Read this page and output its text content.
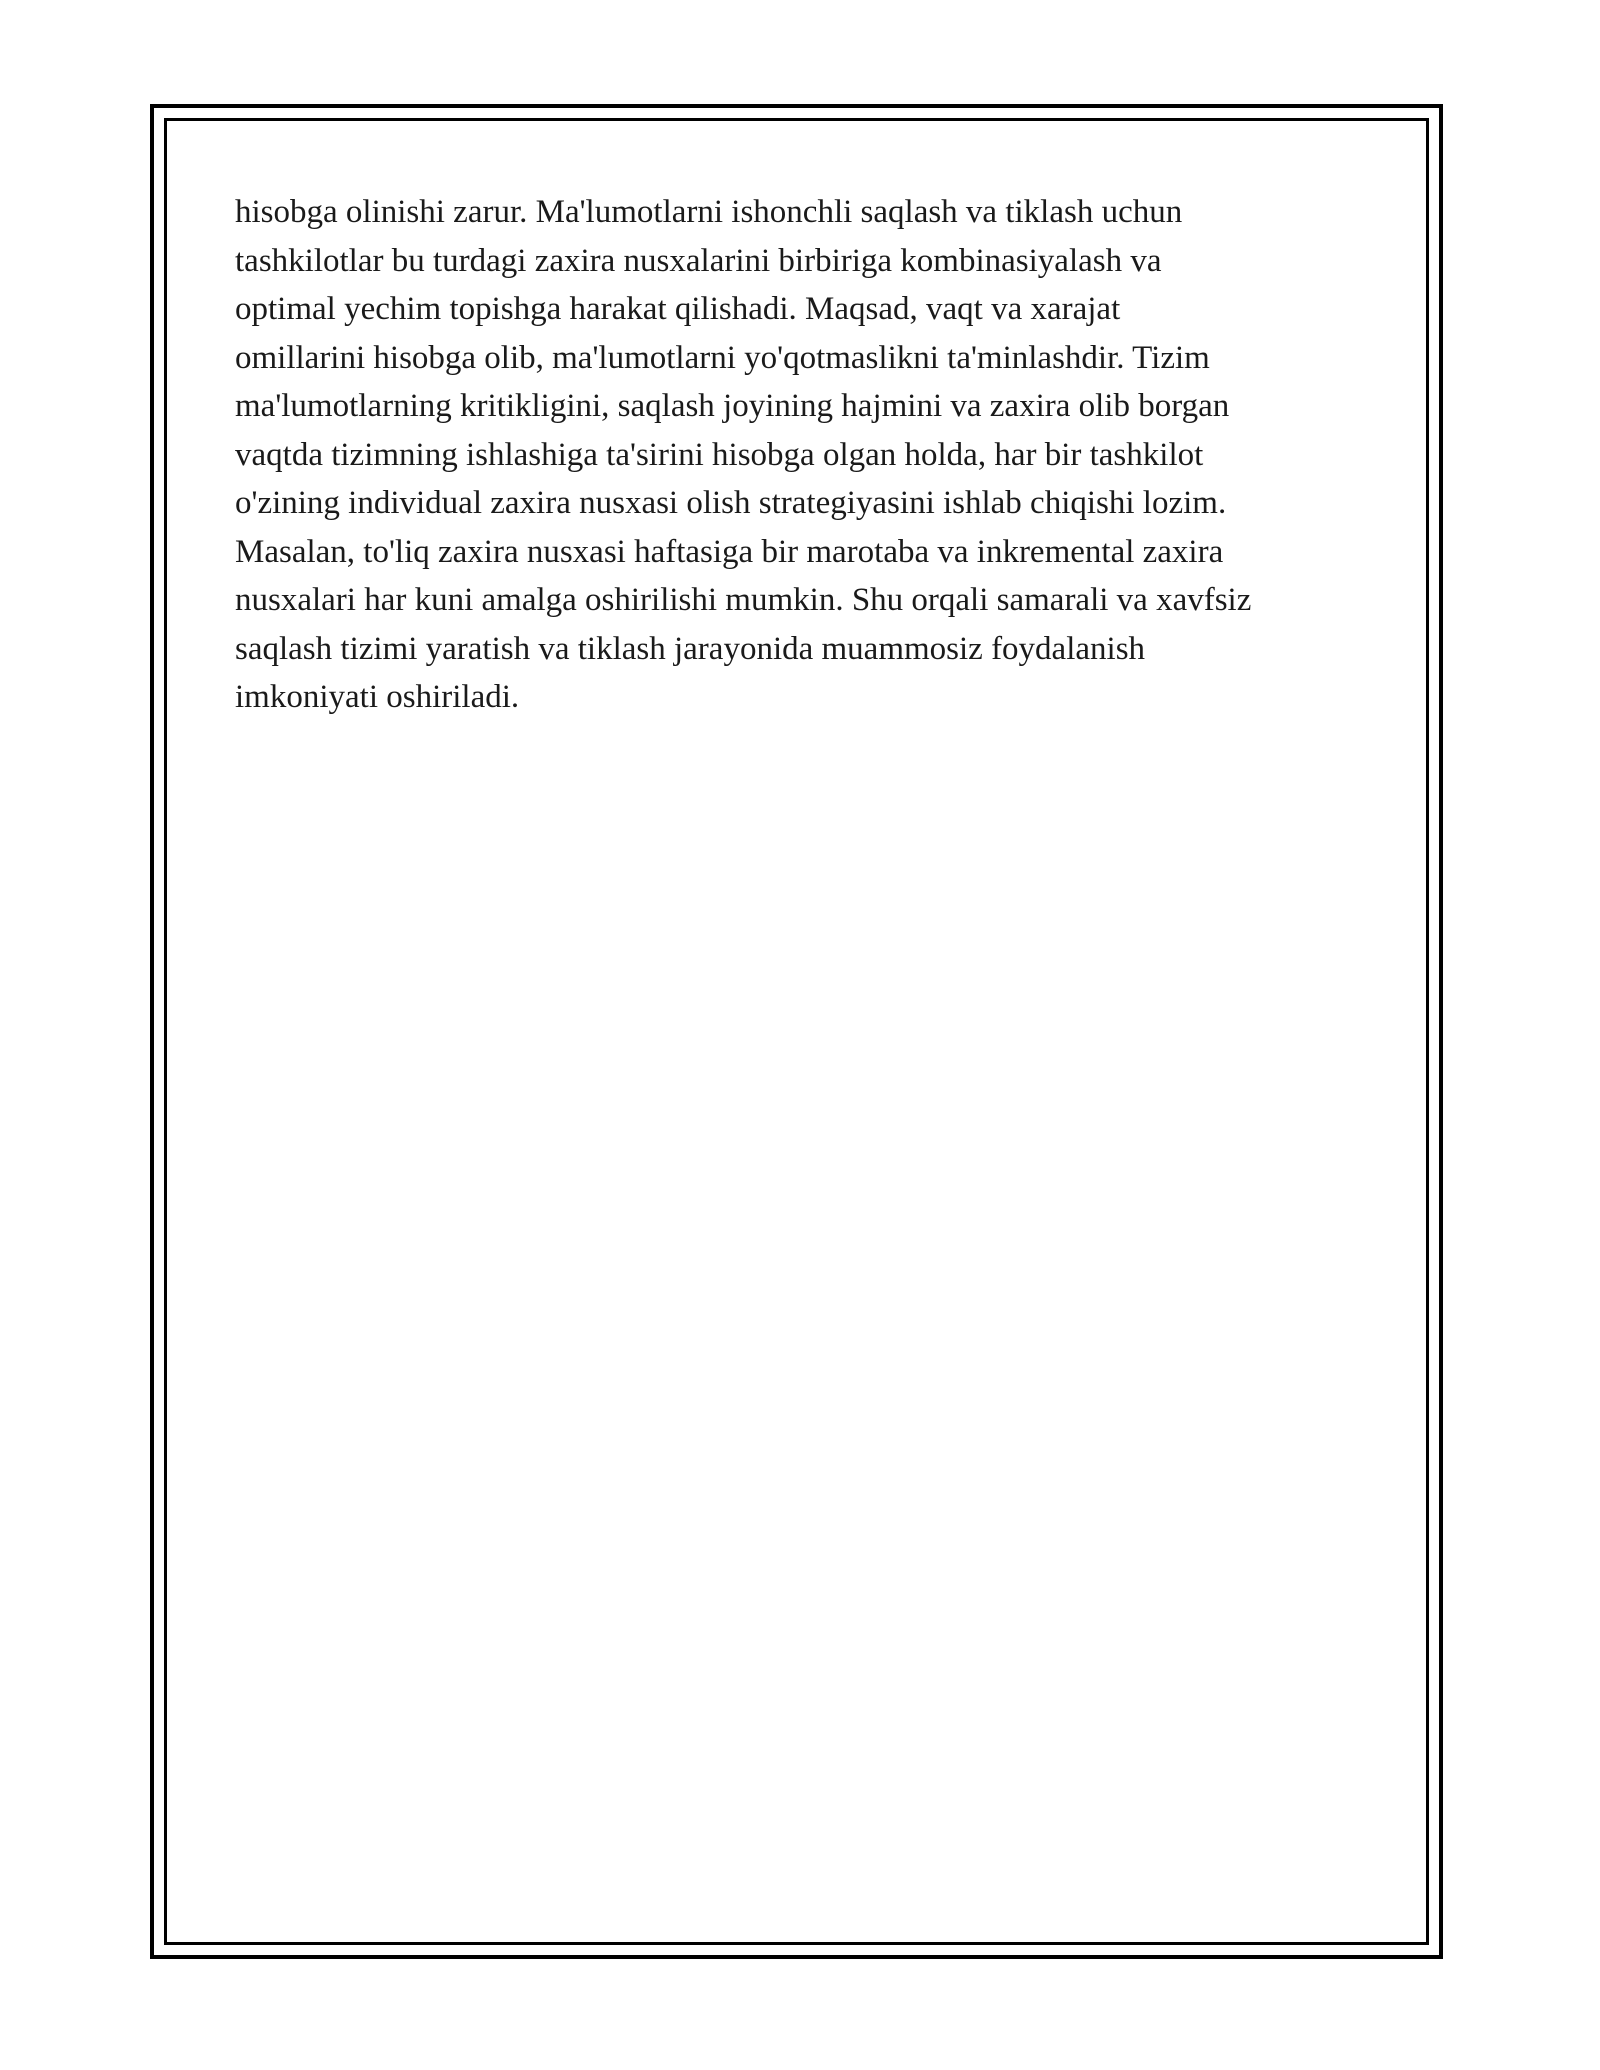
hisobga olinishi zarur. Ma'lumotlarni ishonchli saqlash va tiklash uchun
tashkilotlar bu turdagi zaxira nusxalarini birbiriga kombinasiyalash va
optimal yechim topishga harakat qilishadi. Maqsad, vaqt va xarajat
omillarini hisobga olib, ma'lumotlarni yo'qotmaslikni ta'minlashdir. Tizim
ma'lumotlarning kritikligini, saqlash joyining hajmini va zaxira olib borgan
vaqtda tizimning ishlashiga ta'sirini hisobga olgan holda, har bir tashkilot
o'zining individual zaxira nusxasi olish strategiyasini ishlab chiqishi lozim.
Masalan, to'liq zaxira nusxasi haftasiga bir marotaba va inkremental zaxira
nusxalari har kuni amalga oshirilishi mumkin. Shu orqali samarali va xavfsiz
saqlash tizimi yaratish va tiklash jarayonida muammosiz foydalanish
imkoniyati oshiriladi.
